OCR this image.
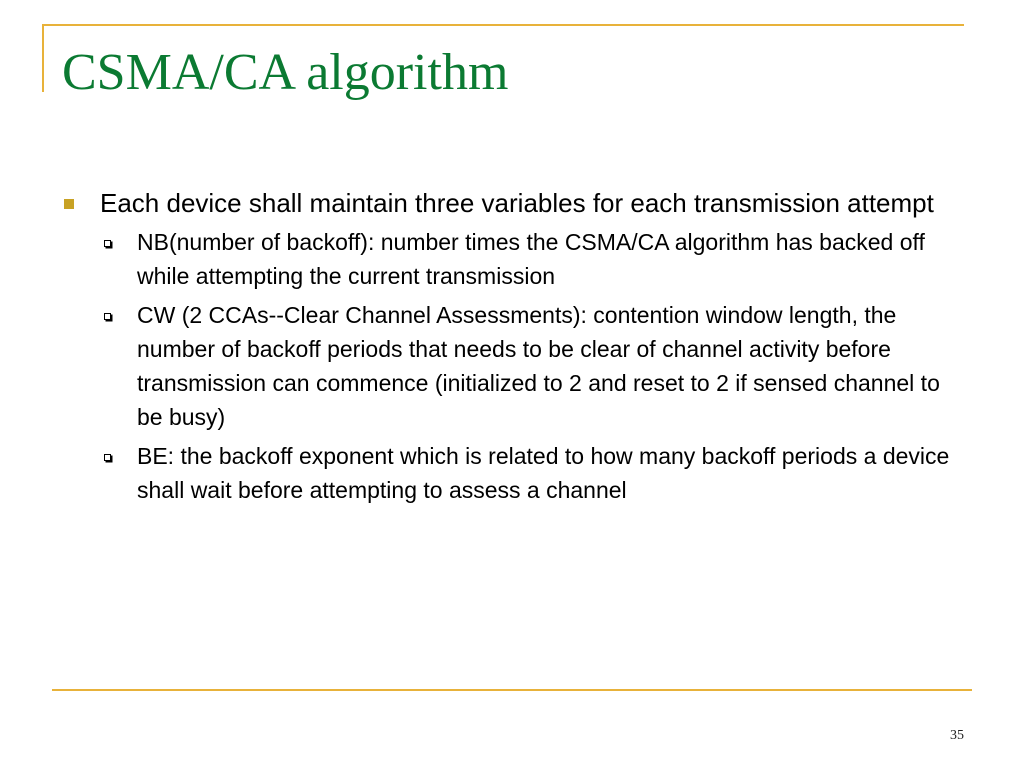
CSMA/CA algorithm
Each device shall maintain three variables for each transmission attempt
NB(number of backoff): number times the CSMA/CA algorithm has backed off while attempting the current transmission
CW (2 CCAs--Clear Channel Assessments): contention window length, the number of backoff periods that needs to be clear of channel activity before transmission can commence (initialized to 2 and reset to 2 if sensed channel to be busy)
BE: the backoff exponent which is related to how many backoff periods a device shall wait before attempting to assess a channel
35
